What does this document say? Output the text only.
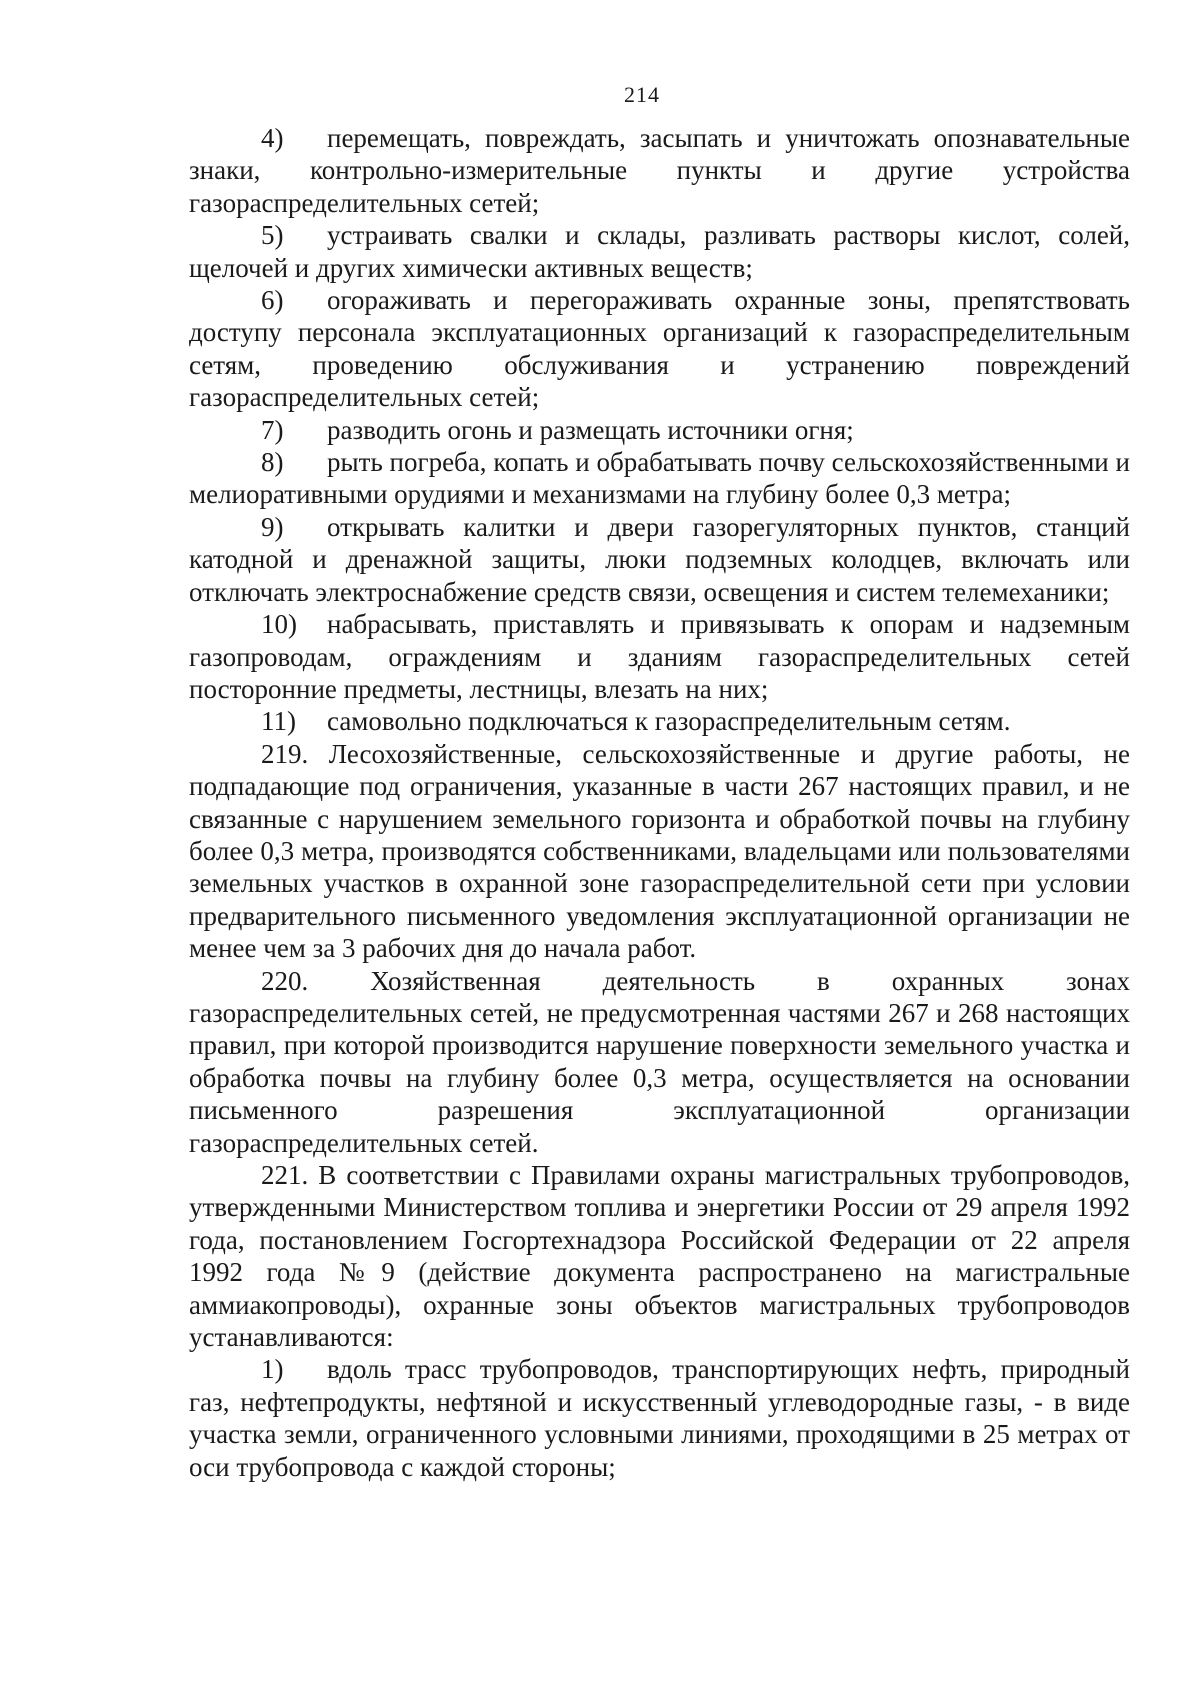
214

4) перемещать, повреждать, засыпать и уничтожать опознавательные знаки, контрольно-измерительные пункты и другие устройства газораспределительных сетей;

5) устраивать свалки и склады, разливать растворы кислот, солей, щелочей и других химически активных веществ;

6) огораживать и перегораживать охранные зоны, препятствовать доступу персонала эксплуатационных организаций к газораспределительным сетям, проведению обслуживания и устранению повреждений газораспределительных сетей;

7) разводить огонь и размещать источники огня;

8) рыть погреба, копать и обрабатывать почву сельскохозяйственными и мелиоративными орудиями и механизмами на глубину более 0,3 метра;

9) открывать калитки и двери газорегуляторных пунктов, станций катодной и дренажной защиты, люки подземных колодцев, включать или отключать электроснабжение средств связи, освещения и систем телемеханики;

10) набрасывать, приставлять и привязывать к опорам и надземным газопроводам, ограждениям и зданиям газораспределительных сетей посторонние предметы, лестницы, влезать на них;

11) самовольно подключаться к газораспределительным сетям.

219. Лесохозяйственные, сельскохозяйственные и другие работы, не подпадающие под ограничения, указанные в части 267 настоящих правил, и не связанные с нарушением земельного горизонта и обработкой почвы на глубину более 0,3 метра, производятся собственниками, владельцами или пользователями земельных участков в охранной зоне газораспределительной сети при условии предварительного письменного уведомления эксплуатационной организации не менее чем за 3 рабочих дня до начала работ.

220. Хозяйственная деятельность в охранных зонах газораспределительных сетей, не предусмотренная частями 267 и 268 настоящих правил, при которой производится нарушение поверхности земельного участка и обработка почвы на глубину более 0,3 метра, осуществляется на основании письменного разрешения эксплуатационной организации газораспределительных сетей.

221. В соответствии с Правилами охраны магистральных трубопроводов, утвержденными Министерством топлива и энергетики России от 29 апреля 1992 года, постановлением Госгортехнадзора Российской Федерации от 22 апреля 1992 года №9 (действие документа распространено на магистральные аммиакопроводы), охранные зоны объектов магистральных трубопроводов устанавливаются:

1) вдоль трасс трубопроводов, транспортирующих нефть, природный газ, нефтепродукты, нефтяной и искусственный углеводородные газы, - в виде участка земли, ограниченного условными линиями, проходящими в 25 метрах от оси трубопровода с каждой стороны;
